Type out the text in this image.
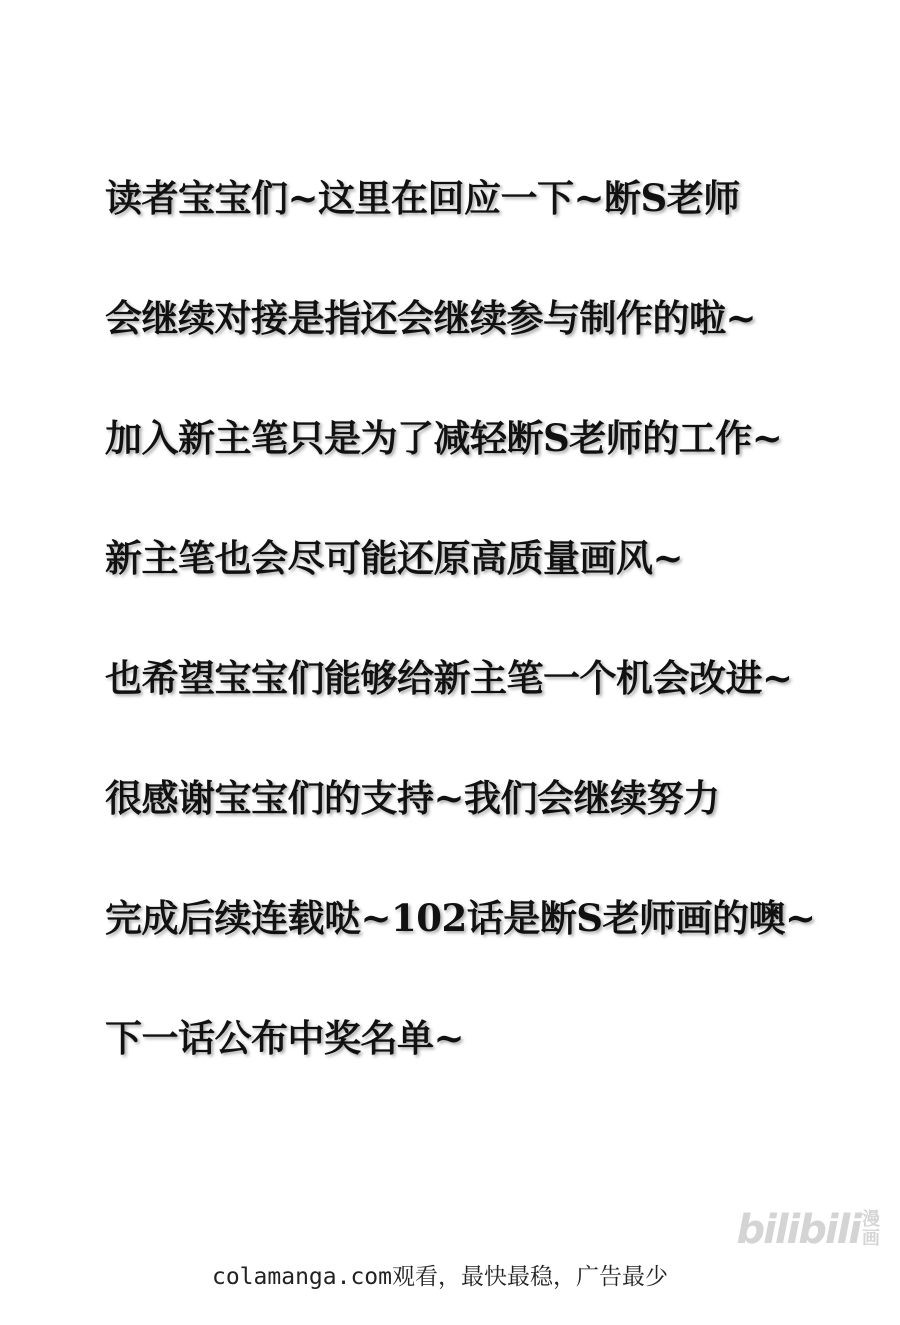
读者宝宝们~这里在回应一下~断S老师
会继续对接是指还会继续参与制作的啦~
加入新主笔只是为了减轻断S老师的工作~
新主笔也会尽可能还原高质量画风~
也希望宝宝们能够给新主笔一个机会改进~
很感谢宝宝们的支持~我们会继续努力
完成后续连载哒~102话是断S老师画的噢~
下一话公布中奖名单~
bilibili 漫
画
colamanga.com观看，最快最稳，广告最少
